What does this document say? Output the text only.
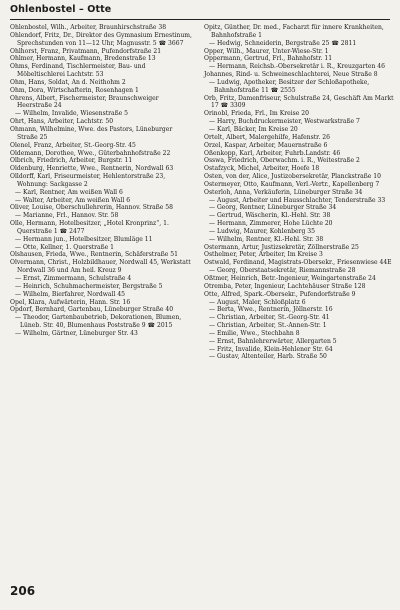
Ohlenbostel – Otte
Ohlenbostel, Wilh., Arbeiter, Braunhirschstraße 38
Ohlendorf, Fritz, Dr., Direktor des Gymnasium Ernestinum, Sprechstunden von 11—12 Uhr, Magnusstr. 5 ☎ 3667
Ohlhorst, Franz, Privatmann, Pufendorfstraße 21
Ohlmer, Hermann, Kaufmann, Bredenstraße 13
Ohms, Ferdinand, Tischlermeister, Bau- und Möbeltischlerei Lachtstr. 53
Ohm, Hans, Soldat, An d. Neithohm 2
Ohm, Dora, Wirtschafterin, Rosenhagen 1
Ohrens, Albert, Fischermeister, Braunschweiger Heerstraße 24
— Wilhelm, Invalide, Wiesenstraße 5
Ohrt, Hans, Arbeiter, Lachtstr. 50
Ohmann, Wilhelmine, Wwe. des Pastors, Lüneburger Straße 25
Olenel, Franz, Arbeiter, St.-Georg-Str. 45
Oldemann, Dorothee, Wwe., Güterbahnhofstraße 22
Olbrich, Friedrich, Arbeiter, Burgstr. 11
Oldenburg, Henriette, Wwe., Rentnerin, Nordwall 63
Olldorff, Karl, Friseurmeister, Hehlentorstraße 23, Wohnung: Sackgasse 2
— Karl, Rentner, Am weißen Wall 6
— Walter, Arbeiter, Am weißen Wall 6
Oliver, Louise, Oberschullehrerin, Hannov. Straße 58
— Marianne, Frl., Hannov. Str. 58
Olle, Hermann, Hotelbesitzer, „Hotel Kronprinz“, 1. Querstraße 1 ☎ 2477
— Hermann jun., Hotelbesitzer, Blumläge 11
— Otte, Kellner, 1. Querstraße 1
Olshausen, Frieda, Wwe., Rentnerin, Schäferstraße 51
Olvermann, Christ., Holzbildhauer, Nordwall 45, Werkstatt Nordwall 36 und Am heil. Kreuz 9
— Ernst, Zimmermann, Schulstraße 4
— Heinrich, Schuhmachermeister, Bergstraße 5
— Wilhelm, Bierfahrer, Nordwall 45
Opel, Klara, Aufwärterin, Hann. Str. 16
Opdorf, Bernhard, Gartenbau, Lüneburger Straße 40
— Theodor, Gartenbaubetrieb, Dekorationen, Blumen, Lüneb. Str. 40, Blumenhaus Poststraße 9 ☎ 2015
— Wilhelm, Gärtner, Lüneburger Str. 43
Opitz, Günther, Dr. med., Facharzt für innere Krankheiten, Bahnhofstraße 1
— Hedwig, Schneiderin, Bergstraße 25 ☎ 2811
Opper, Wilh., Maurer, Unter-Wiese-Str. 1
Oppermann, Gertrud, Frl., Bahnhofstr. 11
— Hermann, Reichsb.-Obersekretär i. R., Kreuzgarten 46
Johannes, Rind- u. Schweineschlachterei, Neue Straße 8
— Ludwig, Apotheker, Besitzer der Schloßapotheke, Bahnhofstraße 11 ☎ 2555
Orb, Fritz, Damenfriseur, Schulstraße 24, Geschäft Am Markt 17 ☎ 3309
Orinobl, Frieda, Frl., Im Kreise 20
— Harry, Buchdruckermeister, Westwarkstraße 7
— Karl, Bäcker, Im Kreise 20
Ortelt, Albert, Malergehilfe, Hafenstr. 26
Orzel, Kaspar, Arbeiter, Mauernstraße 6
Oßenkopp, Karl, Arbeiter, Fuhrb.Landstr. 46
Osswa, Friedrich, Oberwachm. i. R., Weitestraße 2
Ostafzyck, Michel, Arbeiter, Hoefe 18
Osten, von der, Alice, Justizobersekretär, Planckstraße 10
Ostermeyer, Otto, Kaufmann, Verl.-Vertr., Kapellenberg 7
Osterloh, Anna, Verkäuferin, Lüneburger Straße 34
— August, Arbeiter und Hausschlachter, Tenderstraße 33
— Georg, Rentner, Lüneburger Straße 34
— Gertrud, Wäscherin, Kl.-Hehl. Str. 38
— Hermann, Zimmerer, Hohe Lüchte 20
— Ludwig, Maurer, Kohlenberg 35
— Wilhelm, Rentner, Kl.-Hehl. Str. 38
Ostermann, Artur, Justizsekretär, Zöllnerstraße 25
Osthelmer, Peter, Arbeiter, Im Kreise 3
Ostwald, Ferdinand, Magistrats-Obersekr., Friesenwiese 44E
— Georg, Oberstaatsekretär, Riemannstraße 28
Oßtmer, Heinrich, Betr.-Ingenieur, Weingartenstraße 24
Otremba, Peter, Ingenieur, Lachtehäuser Straße 128
Otte, Alfred, Spark.-Obersekr., Pufendorfstraße 9
— August, Maler, Schloßplatz 6
— Berta, Wwe., Rentnerin, Jöllnerstr. 16
— Christian, Arbeiter, St.-Georg-Str. 41
— Christian, Arbeiter, St.-Annen-Str. 1
— Emilie, Wwe., Stechbahn 8
— Ernst, Bahnlehrerwärter, Allergarten 5
— Fritz, Invalide, Klein-Hehlener Str. 64
— Gustav, Altenteiler, Harb. Straße 50
206
